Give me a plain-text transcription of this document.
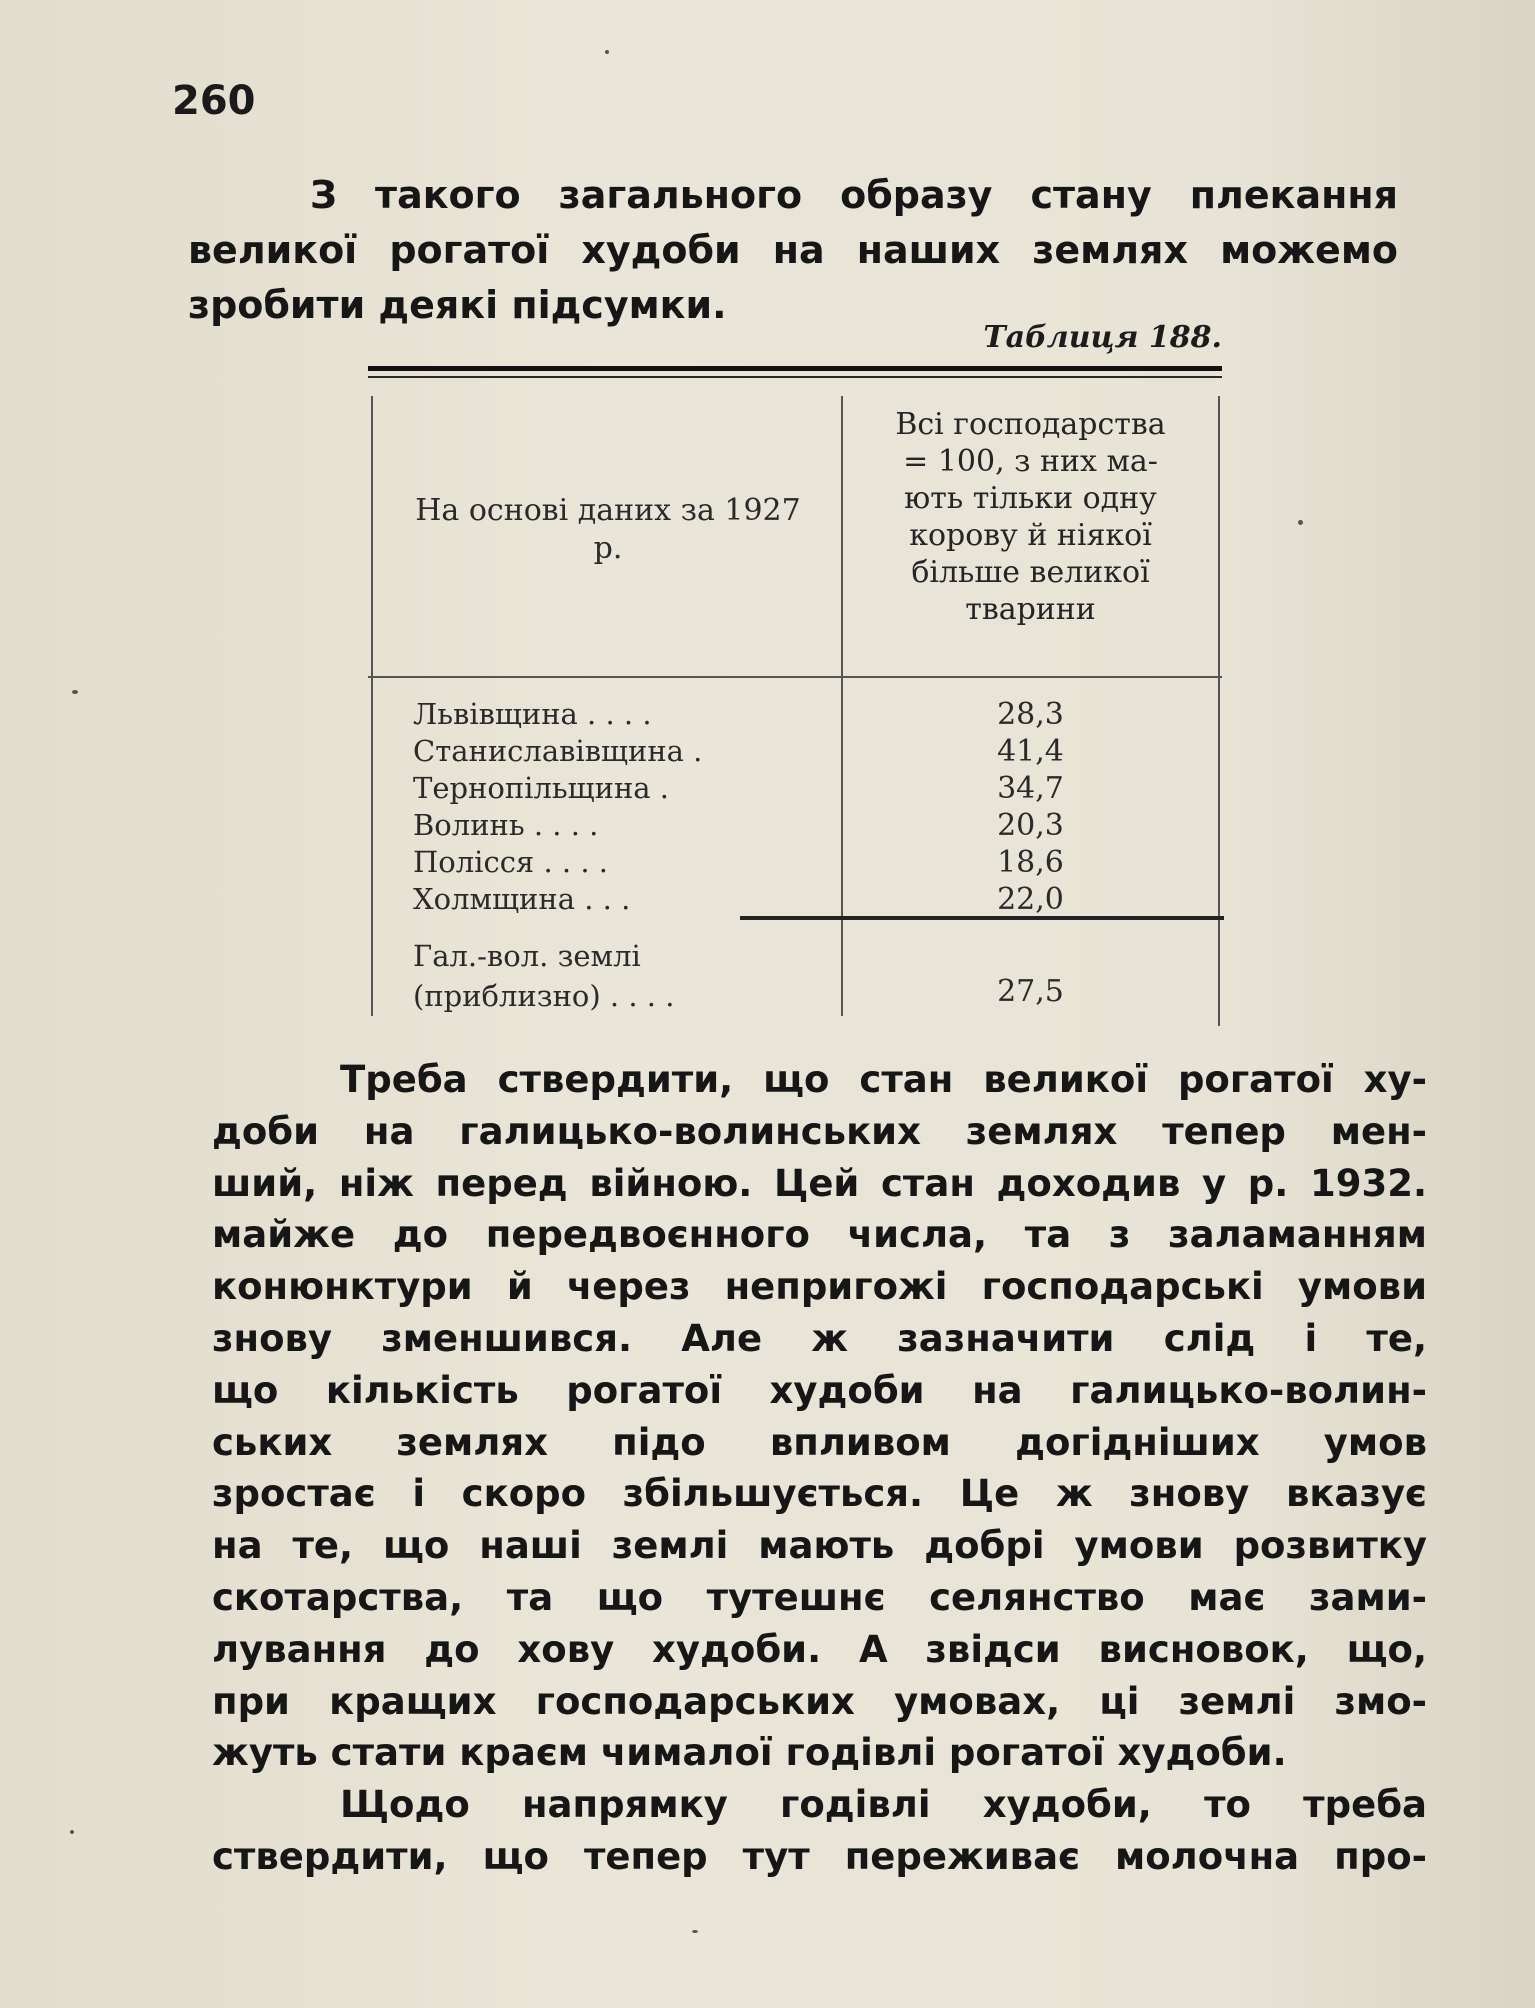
260

З такого загального образу стану плекання
великої рогатої худоби на наших землях можемо
зробити деякі підсумки.

Таблиця 188.
На основі даних за 1927 р.
Всі господарства
= 100, з них ма-
ють тільки одну
корову й ніякої
більше великої
тварини
Львівщина . . . .	28,3
Станиславівщина .	41,4
Тернопільщина .	34,7
Волинь . . . .	20,3
Полісся . . . .	18,6
Холмщина . . .	22,0
Гал.-вол. землі (приблизно) . . . .	27,5

Треба ствердити, що стан великої рогатої ху-
доби на галицько-волинських землях тепер мен-
ший, ніж перед війною. Цей стан доходив у р. 1932.
майже до передвоєнного числа, та з заламанням
конюнктури й через непригожі господарські умови
знову зменшився. Але ж зазначити слід і те,
що кількість рогатої худоби на галицько-волин-
ських землях підо впливом догідніших умов
зростає і скоро збільшується. Це ж знову вказує
на те, що наші землі мають добрі умови розвитку
скотарства, та що тутешнє селянство має зами-
лування до хову худоби. А звідси висновок, що,
при кращих господарських умовах, ці землі змо-
жуть стати краєм чималої годівлі рогатої худоби.
Щодо напрямку годівлі худоби, то треба
ствердити, що тепер тут переживає молочна про-
